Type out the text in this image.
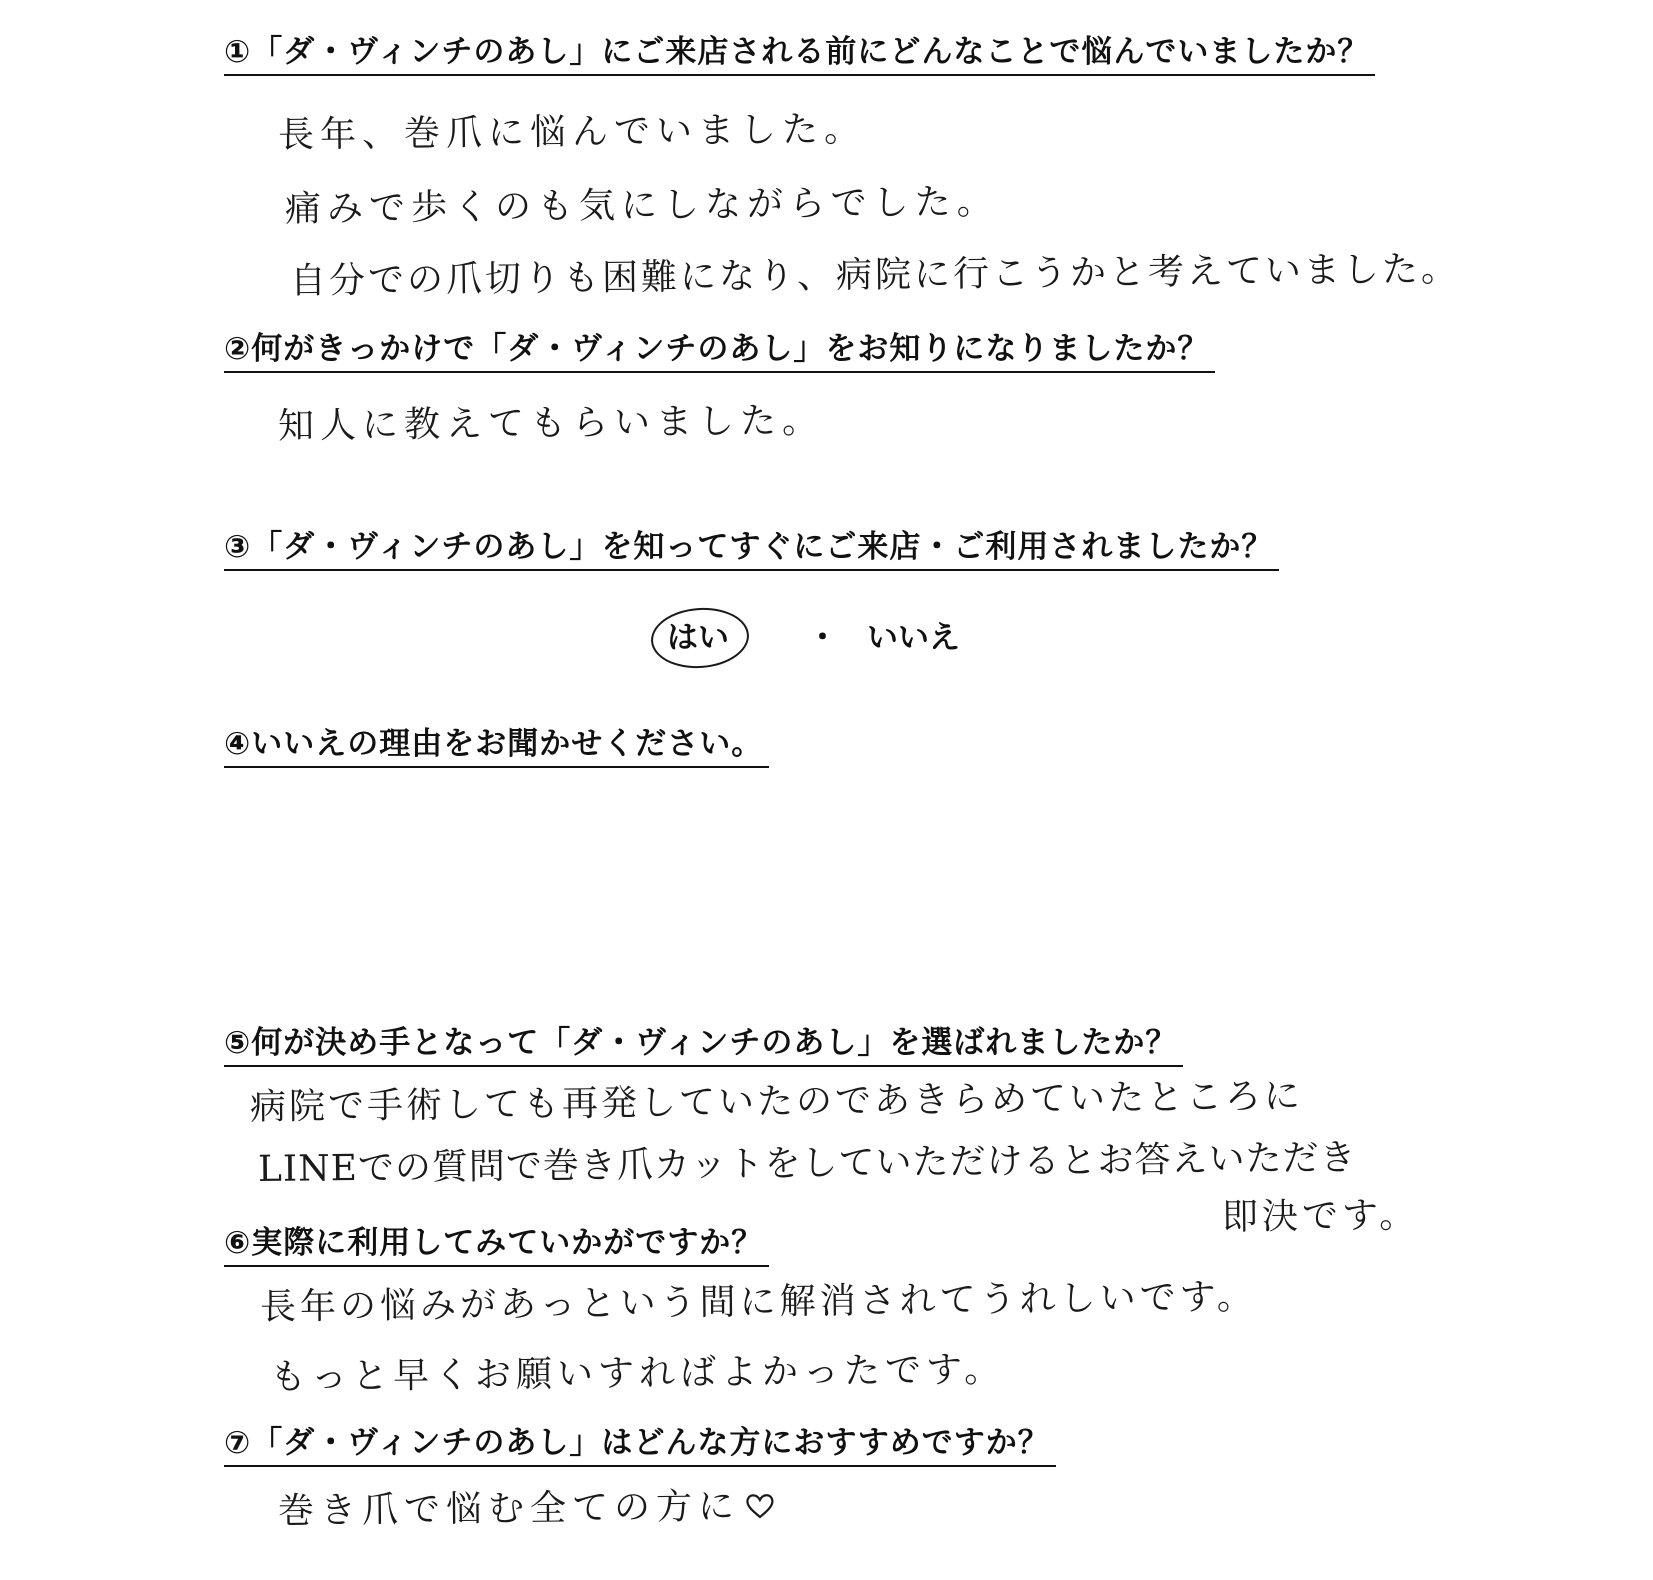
①「ダ・ヴィンチのあし」にご来店される前にどんなことで悩んでいましたか？
長年、巻爪に悩んでいました。
痛みで歩くのも気にしながらでした。
自分での爪切りも困難になり、病院に行こうかと考えていました。
②何がきっかけで「ダ・ヴィンチのあし」をお知りになりましたか？
知人に教えてもらいました。
③「ダ・ヴィンチのあし」を知ってすぐにご来店・ご利用されましたか？
はい	・ いいえ
④いいえの理由をお聞かせください。
⑤何が決め手となって「ダ・ヴィンチのあし」を選ばれましたか？
病院で手術しても再発していたのであきらめていたところに
LINEでの質問で巻き爪カットをしていただけるとお答えいただき
即決です。
⑥実際に利用してみていかがですか？
長年の悩みがあっという間に解消されてうれしいです。
もっと早くお願いすればよかったです。
⑦「ダ・ヴィンチのあし」はどんな方におすすめですか？
巻き爪で悩む全ての方に
